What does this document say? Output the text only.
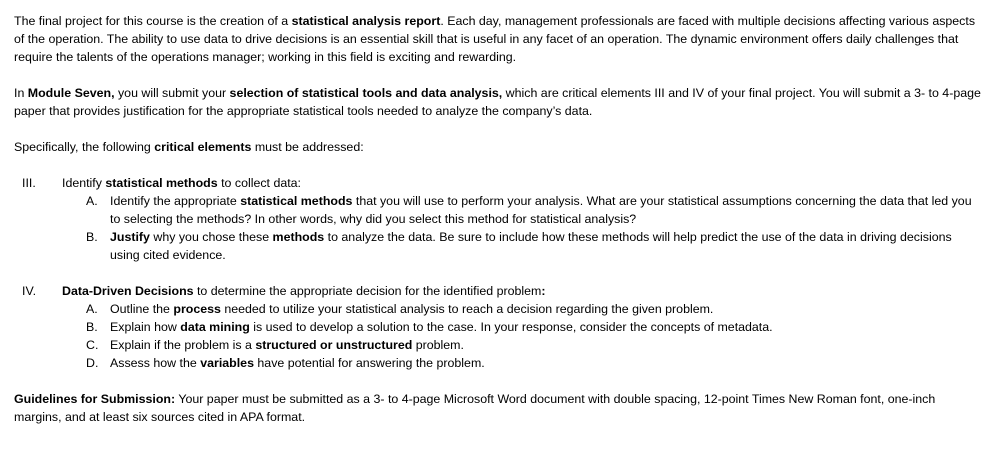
The final project for this course is the creation of a statistical analysis report. Each day, management professionals are faced with multiple decisions affecting various aspects of the operation. The ability to use data to drive decisions is an essential skill that is useful in any facet of an operation. The dynamic environment offers daily challenges that require the talents of the operations manager; working in this field is exciting and rewarding.

In Module Seven, you will submit your selection of statistical tools and data analysis, which are critical elements III and IV of your final project. You will submit a 3- to 4-page paper that provides justification for the appropriate statistical tools needed to analyze the company’s data.

Specifically, the following critical elements must be addressed:

III. Identify statistical methods to collect data:
A. Identify the appropriate statistical methods that you will use to perform your analysis. What are your statistical assumptions concerning the data that led you to selecting the methods? In other words, why did you select this method for statistical analysis?
B. Justify why you chose these methods to analyze the data. Be sure to include how these methods will help predict the use of the data in driving decisions using cited evidence.
IV. Data-Driven Decisions to determine the appropriate decision for the identified problem:
A. Outline the process needed to utilize your statistical analysis to reach a decision regarding the given problem.
B. Explain how data mining is used to develop a solution to the case. In your response, consider the concepts of metadata.
C. Explain if the problem is a structured or unstructured problem.
D. Assess how the variables have potential for answering the problem.

Guidelines for Submission: Your paper must be submitted as a 3- to 4-page Microsoft Word document with double spacing, 12-point Times New Roman font, one-inch margins, and at least six sources cited in APA format.
